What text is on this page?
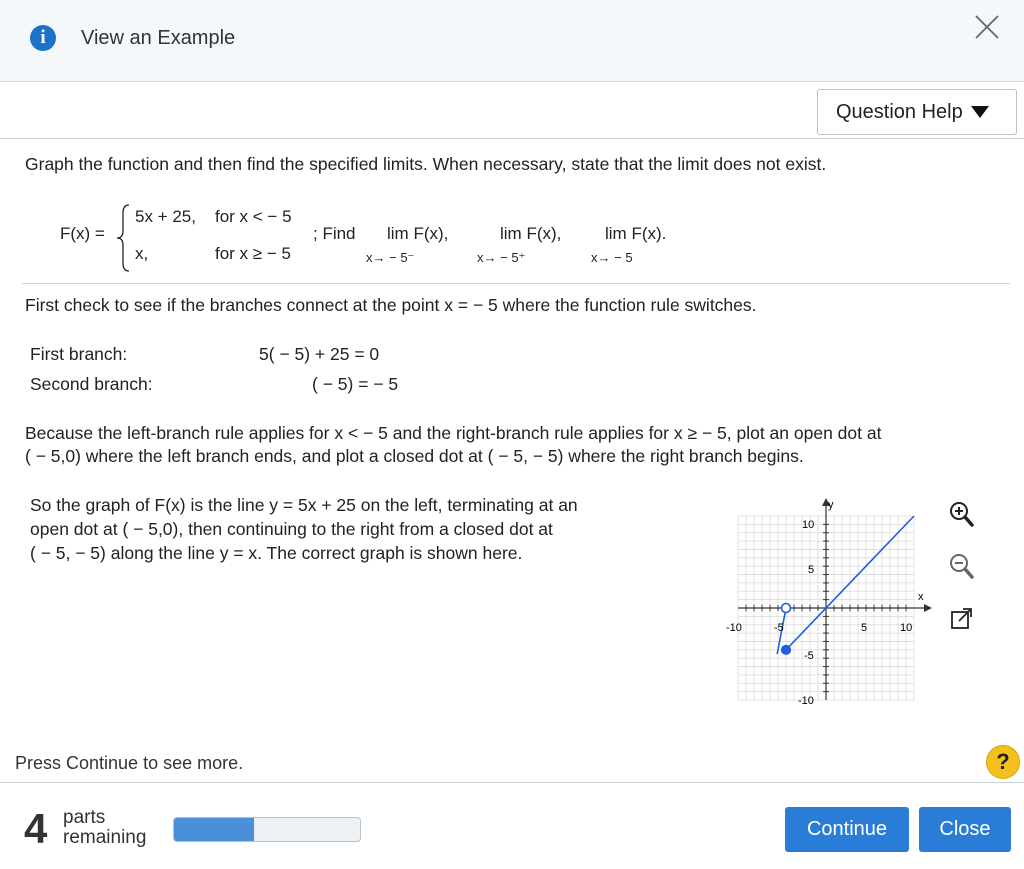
i	View an Example
Question Help
Graph the function and then find the specified limits. When necessary, state that the limit does not exist.
F(x) =
5x + 25, for x < − 5
x,	for x ≥ − 5
; Find lim F(x),
x→ − 5⁻
lim F(x),
x→ − 5⁺
lim F(x).
x→ − 5
First check to see if the branches connect at the point x = − 5 where the function rule switches.
First branch:	5( − 5) + 25 = 0
Second branch:	( − 5) = − 5
Because the left-branch rule applies for x < − 5 and the right-branch rule applies for x ≥ − 5, plot an open dot at
( − 5,0) where the left branch ends, and plot a closed dot at ( − 5, − 5) where the right branch begins.
So the graph of F(x) is the line y = 5x + 25 on the left, terminating at an
open dot at ( − 5,0), then continuing to the right from a closed dot at
( − 5, − 5) along the line y = x. The correct graph is shown here.
y
x
10
5
-5
-10
-10	-5	5	10
Press Continue to see more.	?
4 parts
remaining	Continue	Close
